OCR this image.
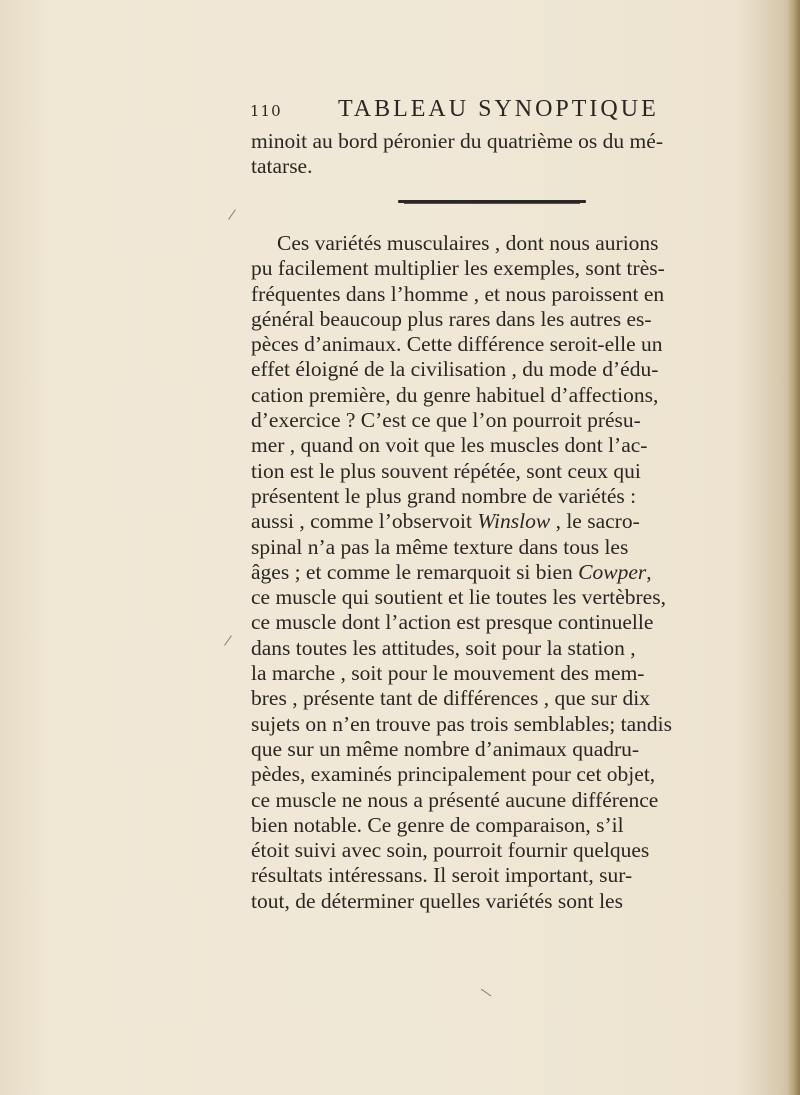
110 TABLEAU SYNOPTIQUE
minoit au bord péronier du quatrième os du mé-
tatarse.
Ces variétés musculaires , dont nous aurions
pu facilement multiplier les exemples, sont très-
fréquentes dans l’homme , et nous paroissent en
général beaucoup plus rares dans les autres es-
pèces d’animaux. Cette différence seroit-elle un
effet éloigné de la civilisation , du mode d’édu-
cation première, du genre habituel d’affections,
d’exercice ? C’est ce que l’on pourroit présu-
mer , quand on voit que les muscles dont l’ac-
tion est le plus souvent répétée, sont ceux qui
présentent le plus grand nombre de variétés :
aussi , comme l’observoit Winslow , le sacro-
spinal n’a pas la même texture dans tous les
âges ; et comme le remarquoit si bien Cowper,
ce muscle qui soutient et lie toutes les vertèbres,
ce muscle dont l’action est presque continuelle
dans toutes les attitudes, soit pour la station ,
la marche , soit pour le mouvement des mem-
bres , présente tant de différences , que sur dix
sujets on n’en trouve pas trois semblables; tandis
que sur un même nombre d’animaux quadru-
pèdes, examinés principalement pour cet objet,
ce muscle ne nous a présenté aucune différence
bien notable. Ce genre de comparaison, s’il
étoit suivi avec soin, pourroit fournir quelques
résultats intéressans. Il seroit important, sur-
tout, de déterminer quelles variétés sont les
